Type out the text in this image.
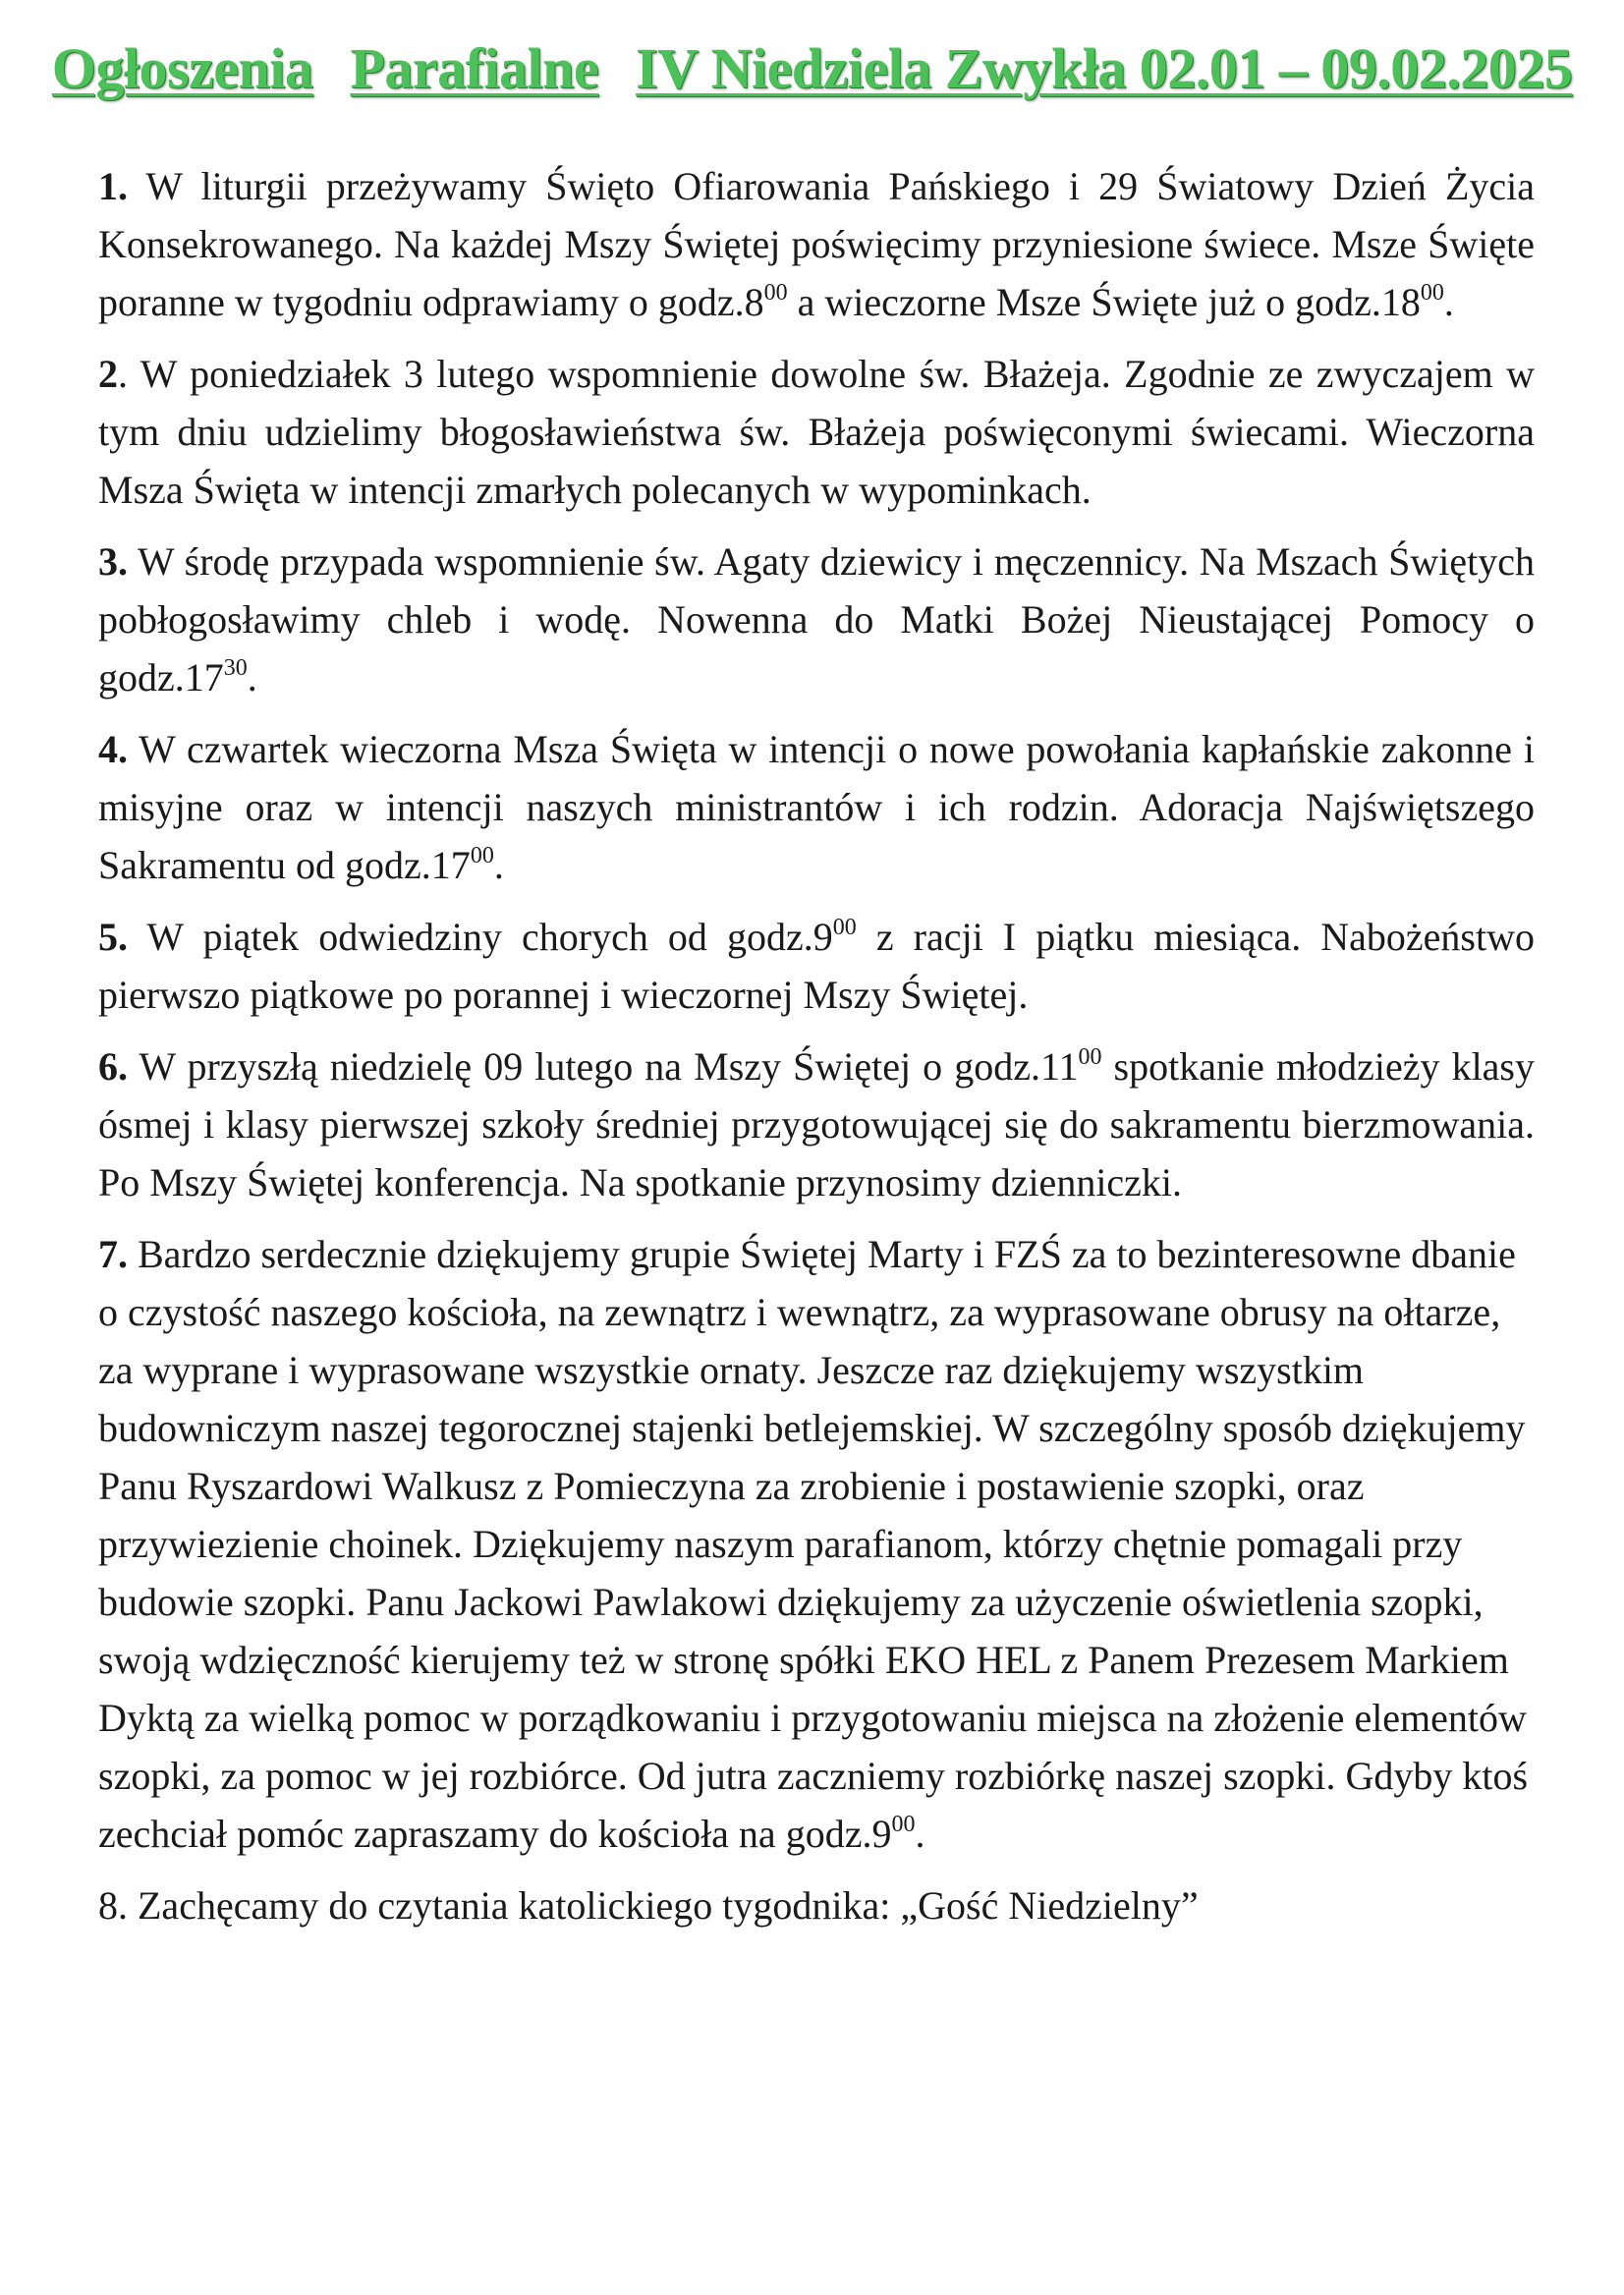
Ogłoszenia Parafialne IV Niedziela Zwykła 02.01 – 09.02.2025

1. W liturgii przeżywamy Święto Ofiarowania Pańskiego i 29 Światowy Dzień Życia Konsekrowanego. Na każdej Mszy Świętej poświęcimy przyniesione świece. Msze Święte poranne w tygodniu odprawiamy o $godz.8^{00}$ a wieczorne Msze Święte już o $godz.18^{00}$.

2. W poniedziałek 3 lutego wspomnienie dowolne św. Błażeja. Zgodnie ze zwyczajem w tym dniu udzielimy błogosławieństwa św. Błażeja poświęconymi świecami. Wieczorna Msza Święta w intencji zmarłych polecanych w wypominkach.

3. W środę przypada wspomnienie św. Agaty dziewicy i męczennicy. Na Mszach Świętych pobłogosławimy chleb i wodę. Nowenna do Matki Bożej Nieustającej Pomocy o $godz.17^{30}$.

4. W czwartek wieczorna Msza Święta w intencji o nowe powołania kapłańskie zakonne i misyjne oraz w intencji naszych ministrantów i ich rodzin. Adoracja Najświętszego Sakramentu od $godz.17^{00}$.

5. W piątek odwiedziny chorych od $godz.9^{00}$ z racji I piątku miesiąca. Nabożeństwo pierwszo piątkowe po porannej i wieczornej Mszy Świętej.

6. W przyszłą niedzielę 09 lutego na Mszy Świętej o $godz.11^{00}$ spotkanie młodzieży klasy ósmej i klasy pierwszej szkoły średniej przygotowującej się do sakramentu bierzmowania. Po Mszy Świętej konferencja. Na spotkanie przynosimy dzienniczki.

7. Bardzo serdecznie dziękujemy grupie Świętej Marty i FZŚ za to bezinteresowne dbanie o czystość naszego kościoła, na zewnątrz i wewnątrz, za wyprasowane obrusy na ołtarze, za wyprane i wyprasowane wszystkie ornaty. Jeszcze raz dziękujemy wszystkim budowniczym naszej tegorocznej stajenki betlejemskiej. W szczególny sposób dziękujemy Panu Ryszardowi Walkusz z Pomieczyna za zrobienie i postawienie szopki, oraz przywiezienie choinek. Dziękujemy naszym parafianom, którzy chętnie pomagali przy budowie szopki. Panu Jackowi Pawlakowi dziękujemy za użyczenie oświetlenia szopki, swoją wdzięczność kierujemy też w stronę spółki EKO HEL z Panem Prezesem Markiem Dyktą za wielką pomoc w porządkowaniu i przygotowaniu miejsca na złożenie elementów szopki, za pomoc w jej rozbiórce. Od jutra zaczniemy rozbiórkę naszej szopki. Gdyby ktoś zechciał pomóc zapraszamy do kościoła na $godz.9^{00}$.

8. Zachęcamy do czytania katolickiego tygodnika: „Gość Niedzielny”
